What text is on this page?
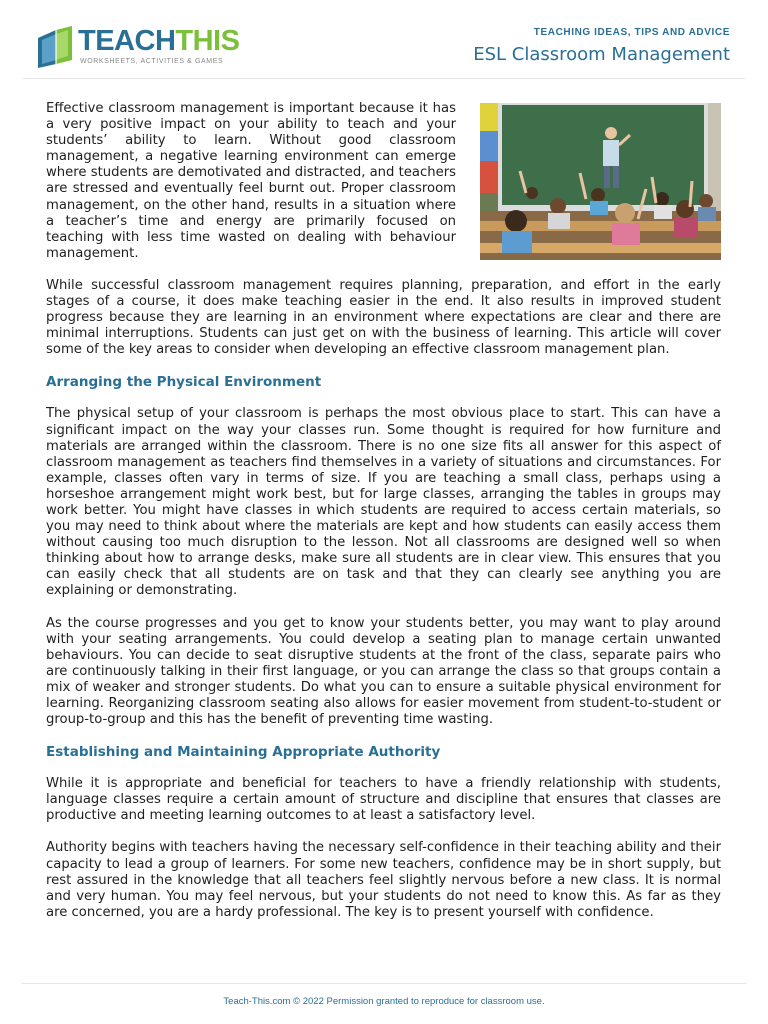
TEACHTHIS
WORKSHEETS, ACTIVITIES & GAMES
TEACHING IDEAS, TIPS AND ADVICE
ESL Classroom Management

Effective classroom management is important because it has a very positive impact on your ability to teach and your students’ ability to learn. Without good classroom management, a negative learning environment can emerge where students are demotivated and distracted, and teachers are stressed and eventually feel burnt out. Proper classroom management, on the other hand, results in a situation where a teacher’s time and energy are primarily focused on teaching with less time wasted on dealing with behaviour management.

While successful classroom management requires planning, preparation, and effort in the early stages of a course, it does make teaching easier in the end. It also results in improved student progress because they are learning in an environment where expectations are clear and there are minimal interruptions. Students can just get on with the business of learning. This article will cover some of the key areas to consider when developing an effective classroom management plan.

Arranging the Physical Environment

The physical setup of your classroom is perhaps the most obvious place to start. This can have a significant impact on the way your classes run. Some thought is required for how furniture and materials are arranged within the classroom. There is no one size fits all answer for this aspect of classroom management as teachers find themselves in a variety of situations and circumstances. For example, classes often vary in terms of size. If you are teaching a small class, perhaps using a horseshoe arrangement might work best, but for large classes, arranging the tables in groups may work better. You might have classes in which students are required to access certain materials, so you may need to think about where the materials are kept and how students can easily access them without causing too much disruption to the lesson. Not all classrooms are designed well so when thinking about how to arrange desks, make sure all students are in clear view. This ensures that you can easily check that all students are on task and that they can clearly see anything you are explaining or demonstrating.

As the course progresses and you get to know your students better, you may want to play around with your seating arrangements. You could develop a seating plan to manage certain unwanted behaviours. You can decide to seat disruptive students at the front of the class, separate pairs who are continuously talking in their first language, or you can arrange the class so that groups contain a mix of weaker and stronger students. Do what you can to ensure a suitable physical environment for learning. Reorganizing classroom seating also allows for easier movement from student-to-student or group-to-group and this has the benefit of preventing time wasting.

Establishing and Maintaining Appropriate Authority

While it is appropriate and beneficial for teachers to have a friendly relationship with students, language classes require a certain amount of structure and discipline that ensures that classes are productive and meeting learning outcomes to at least a satisfactory level.

Authority begins with teachers having the necessary self-confidence in their teaching ability and their capacity to lead a group of learners. For some new teachers, confidence may be in short supply, but rest assured in the knowledge that all teachers feel slightly nervous before a new class. It is normal and very human. You may feel nervous, but your students do not need to know this. As far as they are concerned, you are a hardy professional. The key is to present yourself with confidence.

Teach-This.com © 2022 Permission granted to reproduce for classroom use.
